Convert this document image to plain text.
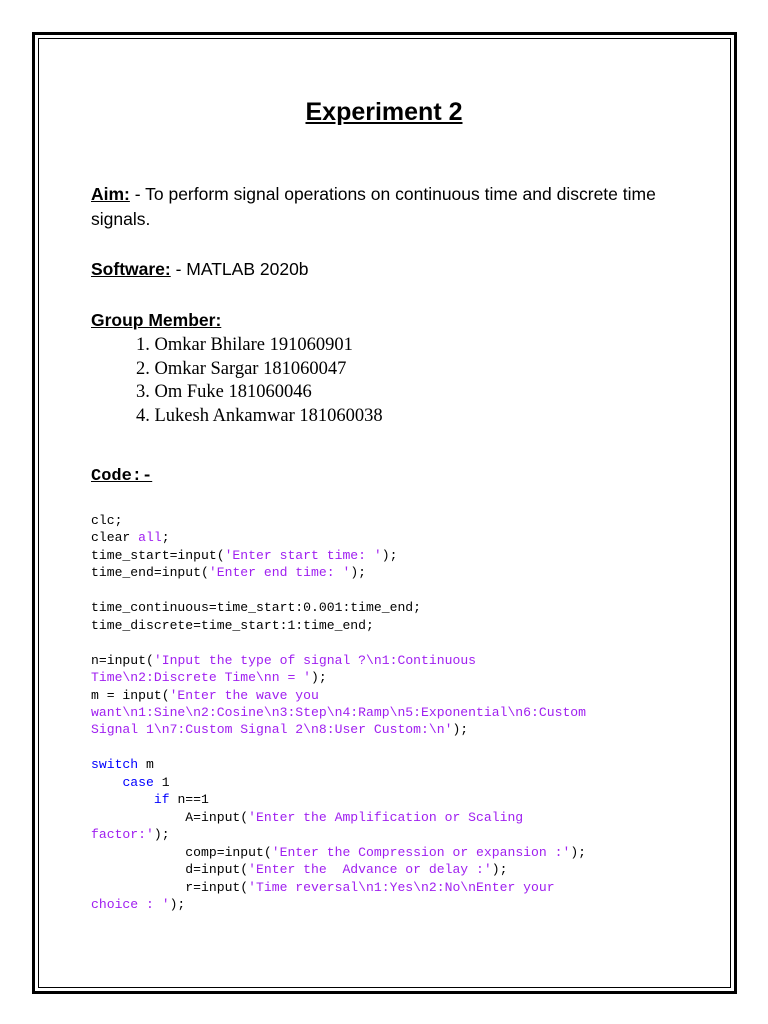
Experiment 2
Aim: - To perform signal operations on continuous time and discrete time signals.
Software: - MATLAB 2020b
Group Member:
1. Omkar Bhilare 191060901
2. Omkar Sargar 181060047
3. Om Fuke 181060046
4. Lukesh Ankamwar 181060038
Code:-
clc;
clear all;
time_start=input('Enter start time: ');
time_end=input('Enter end time: ');

time_continuous=time_start:0.001:time_end;
time_discrete=time_start:1:time_end;

n=input('Input the type of signal ?\n1:Continuous
Time\n2:Discrete Time\nn = ');
m = input('Enter the wave you
want\n1:Sine\n2:Cosine\n3:Step\n4:Ramp\n5:Exponential\n6:Custom
Signal 1\n7:Custom Signal 2\n8:User Custom:\n');

switch m
case 1
if n==1
A=input('Enter the Amplification or Scaling
factor:');
comp=input('Enter the Compression or expansion :');
d=input('Enter the  Advance or delay :');
r=input('Time reversal\n1:Yes\n2:No\nEnter your
choice : ');
